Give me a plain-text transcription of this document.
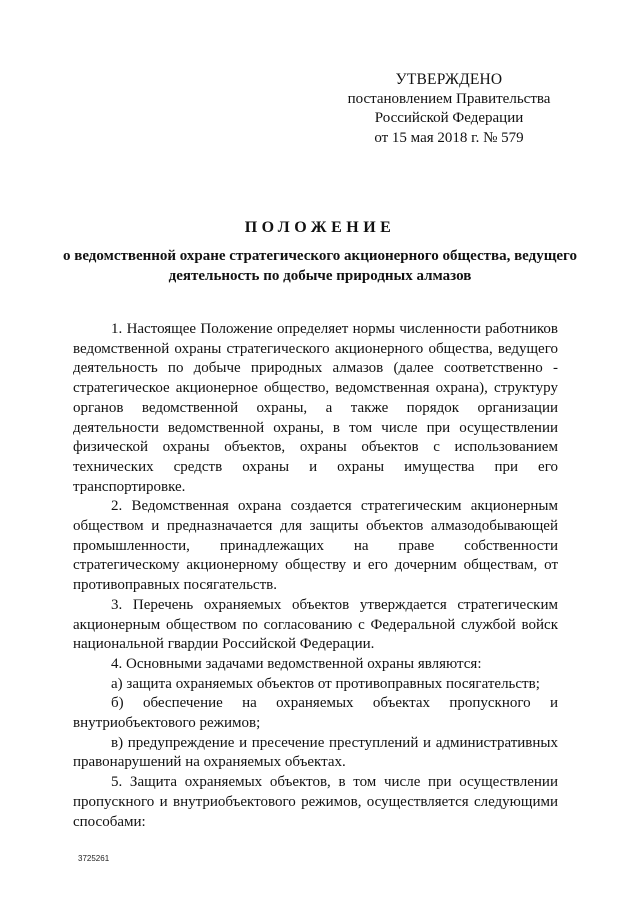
УТВЕРЖДЕНО
постановлением Правительства
Российской Федерации
от 15 мая 2018 г. № 579
ПОЛОЖЕНИЕ
о ведомственной охране стратегического акционерного общества, ведущего деятельность по добыче природных алмазов

1. Настоящее Положение определяет нормы численности работников ведомственной охраны стратегического акционерного общества, ведущего деятельность по добыче природных алмазов (далее соответственно - стратегическое акционерное общество, ведомственная охрана), структуру органов ведомственной охраны, а также порядок организации деятельности ведомственной охраны, в том числе при осуществлении физической охраны объектов, охраны объектов с использованием технических средств охраны и охраны имущества при его транспортировке.

2. Ведомственная охрана создается стратегическим акционерным обществом и предназначается для защиты объектов алмазодобывающей промышленности, принадлежащих на праве собственности стратегическому акционерному обществу и его дочерним обществам, от противоправных посягательств.

3. Перечень охраняемых объектов утверждается стратегическим акционерным обществом по согласованию с Федеральной службой войск национальной гвардии Российской Федерации.

4. Основными задачами ведомственной охраны являются:

а) защита охраняемых объектов от противоправных посягательств;

б) обеспечение на охраняемых объектах пропускного и внутриобъектового режимов;

в) предупреждение и пресечение преступлений и административных правонарушений на охраняемых объектах.

5. Защита охраняемых объектов, в том числе при осуществлении пропускного и внутриобъектового режимов, осуществляется следующими способами:

3725261
